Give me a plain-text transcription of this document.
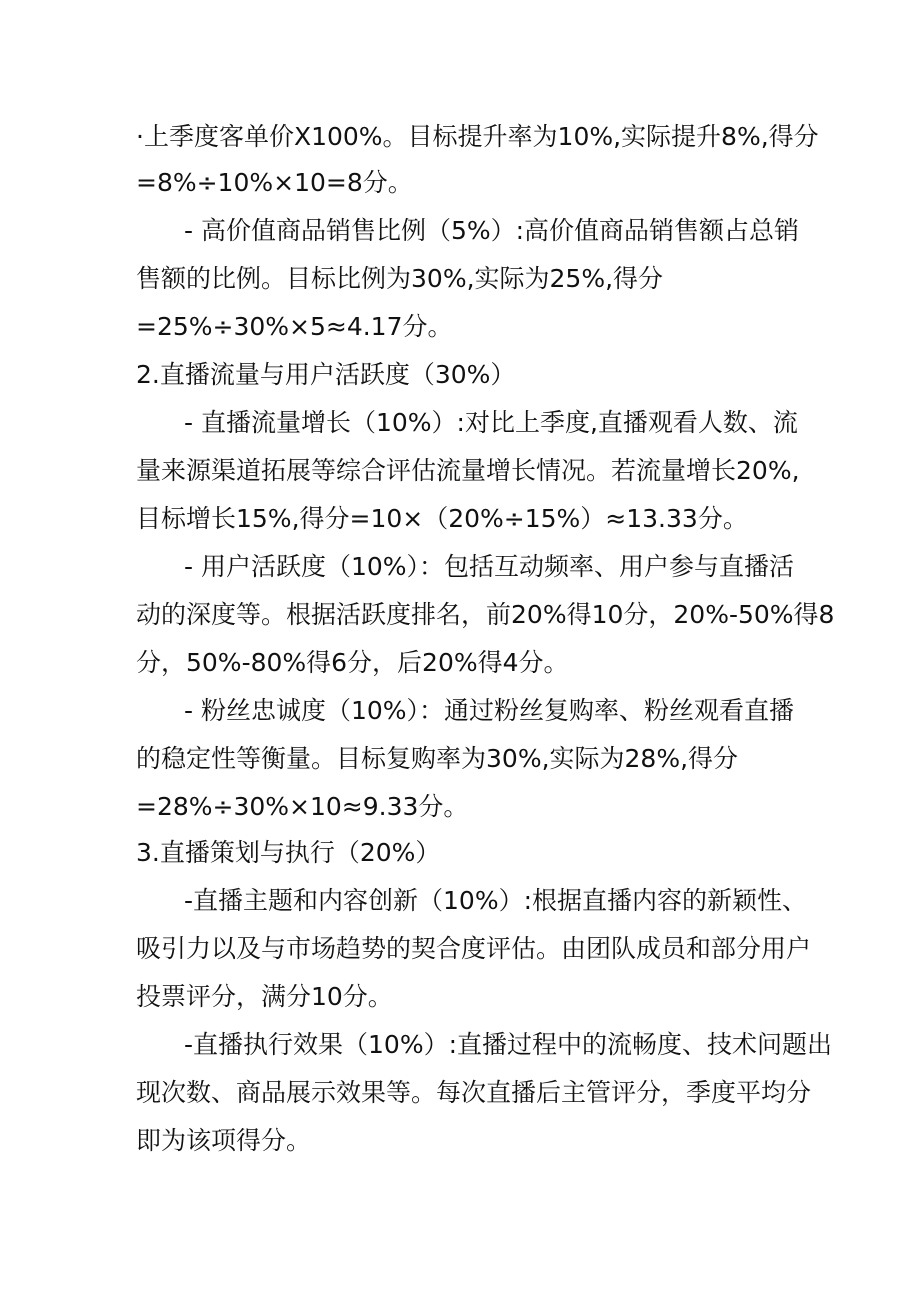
·上季度客单价X100%。目标提升率为10%,实际提升8%,得分
=8%÷10%×10=8分。
- 高价值商品销售比例（5%）:高价值商品销售额占总销
售额的比例。目标比例为30%,实际为25%,得分
=25%÷30%×5≈4.17分。
2.直播流量与用户活跃度（30%）
- 直播流量增长（10%）:对比上季度,直播观看人数、流
量来源渠道拓展等综合评估流量增长情况。若流量增长20%,
目标增长15%,得分=10×（20%÷15%）≈13.33分。
- 用户活跃度（10%）：包括互动频率、用户参与直播活
动的深度等。根据活跃度排名，前20%得10分，20%-50%得8
分，50%-80%得6分，后20%得4分。
- 粉丝忠诚度（10%）：通过粉丝复购率、粉丝观看直播
的稳定性等衡量。目标复购率为30%,实际为28%,得分
=28%÷30%×10≈9.33分。
3.直播策划与执行（20%）
-直播主题和内容创新（10%）:根据直播内容的新颖性、
吸引力以及与市场趋势的契合度评估。由团队成员和部分用户
投票评分，满分10分。
-直播执行效果（10%）:直播过程中的流畅度、技术问题出
现次数、商品展示效果等。每次直播后主管评分，季度平均分
即为该项得分。
